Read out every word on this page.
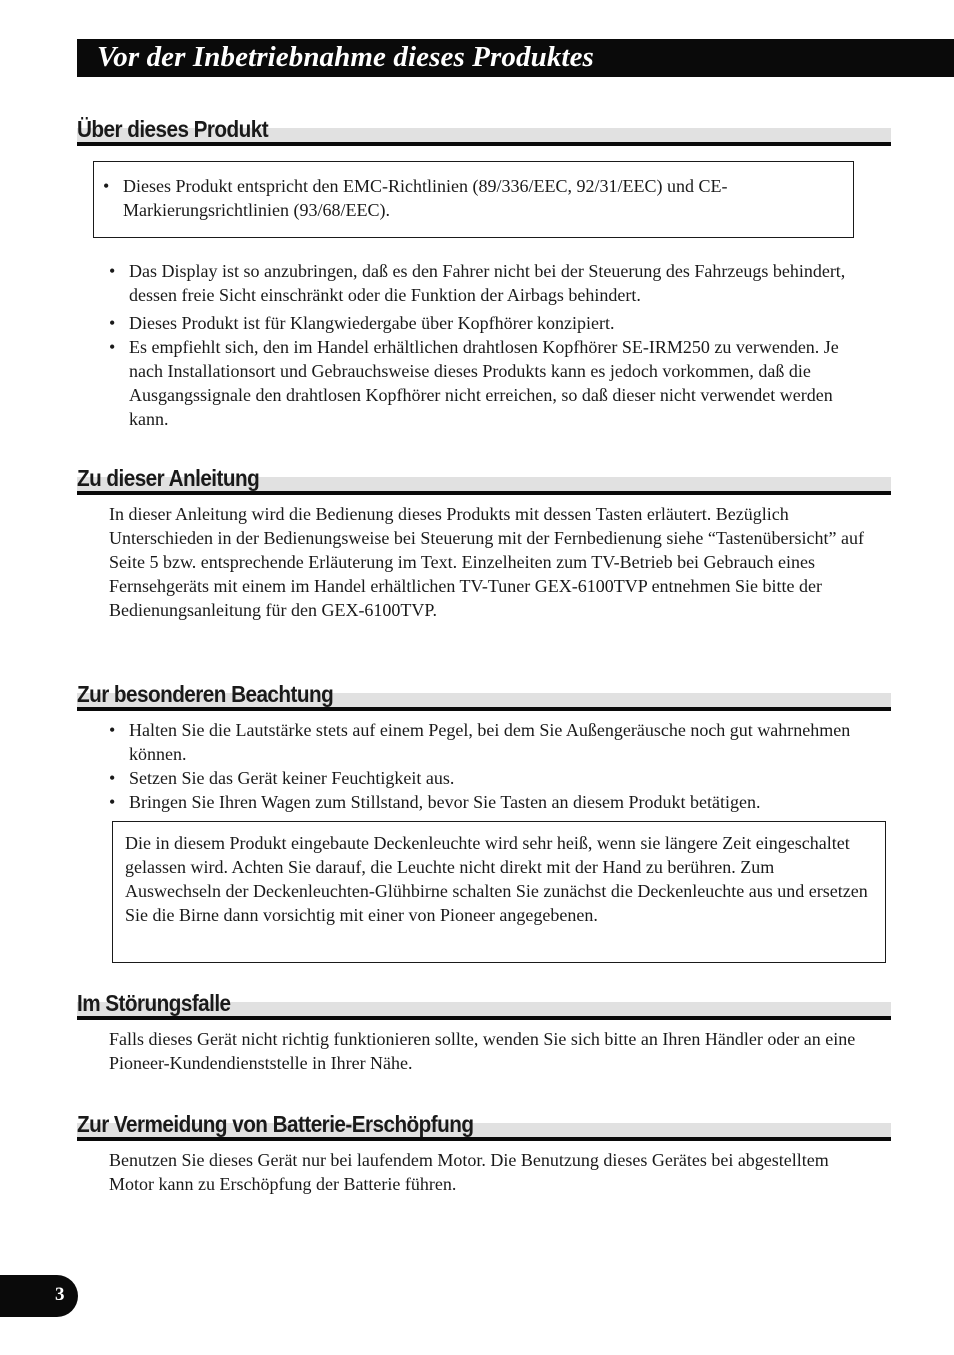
Vor der Inbetriebnahme dieses Produktes
Über dieses Produkt
• Dieses Produkt entspricht den EMC-Richtlinien (89/336/EEC, 92/31/EEC) und CE-Markierungsrichtlinien (93/68/EEC).
• Das Display ist so anzubringen, daß es den Fahrer nicht bei der Steuerung des Fahrzeugs behindert, dessen freie Sicht einschränkt oder die Funktion der Airbags behindert.
• Dieses Produkt ist für Klangwiedergabe über Kopfhörer konzipiert.
• Es empfiehlt sich, den im Handel erhältlichen drahtlosen Kopfhörer SE-IRM250 zu verwenden. Je nach Installationsort und Gebrauchsweise dieses Produkts kann es jedoch vorkommen, daß die Ausgangssignale den drahtlosen Kopfhörer nicht erreichen, so daß dieser nicht verwendet werden kann.
Zu dieser Anleitung
In dieser Anleitung wird die Bedienung dieses Produkts mit dessen Tasten erläutert. Bezüglich Unterschieden in der Bedienungsweise bei Steuerung mit der Fernbedienung siehe “Tastenübersicht” auf Seite 5 bzw. entsprechende Erläuterung im Text. Einzelheiten zum TV-Betrieb bei Gebrauch eines Fernsehgeräts mit einem im Handel erhältlichen TV-Tuner GEX-6100TVP entnehmen Sie bitte der Bedienungsanleitung für den GEX-6100TVP.
Zur besonderen Beachtung
• Halten Sie die Lautstärke stets auf einem Pegel, bei dem Sie Außengeräusche noch gut wahrnehmen können.
• Setzen Sie das Gerät keiner Feuchtigkeit aus.
• Bringen Sie Ihren Wagen zum Stillstand, bevor Sie Tasten an diesem Produkt betätigen.
Die in diesem Produkt eingebaute Deckenleuchte wird sehr heiß, wenn sie längere Zeit eingeschaltet gelassen wird. Achten Sie darauf, die Leuchte nicht direkt mit der Hand zu berühren. Zum Auswechseln der Deckenleuchten-Glühbirne schalten Sie zunächst die Deckenleuchte aus und ersetzen Sie die Birne dann vorsichtig mit einer von Pioneer angegebenen.
Im Störungsfalle
Falls dieses Gerät nicht richtig funktionieren sollte, wenden Sie sich bitte an Ihren Händler oder an eine Pioneer-Kundendienststelle in Ihrer Nähe.
Zur Vermeidung von Batterie-Erschöpfung
Benutzen Sie dieses Gerät nur bei laufendem Motor. Die Benutzung dieses Gerätes bei abgestelltem Motor kann zu Erschöpfung der Batterie führen.
3
